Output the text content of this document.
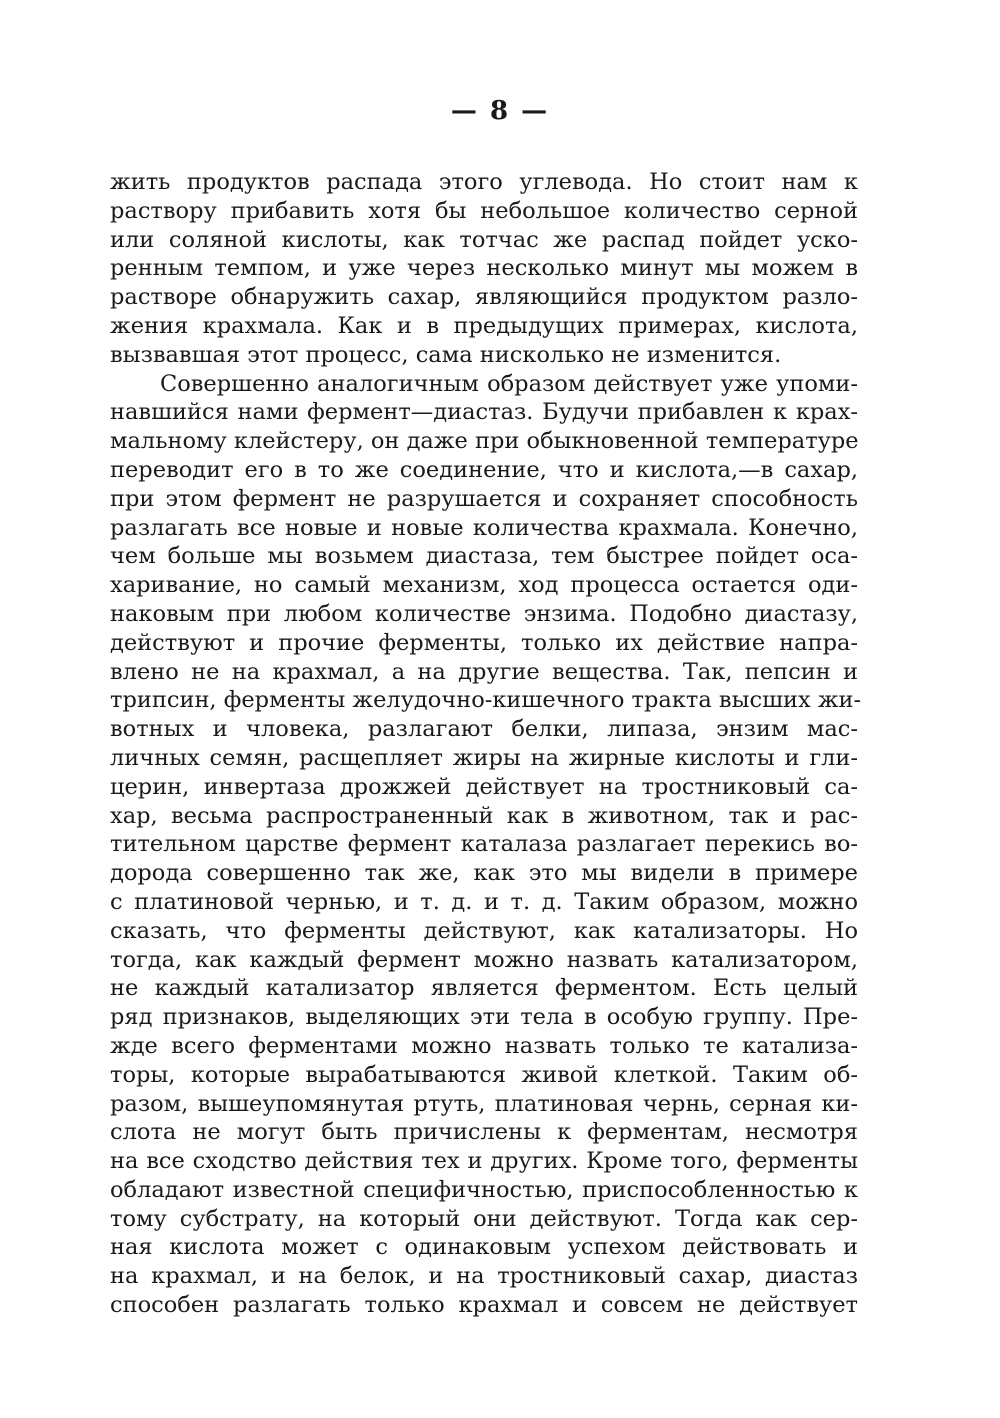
— 8 —
жить продуктов распада этого углевода. Но стоит нам к
раствору прибавить хотя бы небольшое количество серной
или соляной кислоты, как тотчас же распад пойдет уско-
ренным темпом, и уже через несколько минут мы можем в
растворе обнаружить сахар, являющийся продуктом разло-
жения крахмала. Как и в предыдущих примерах, кислота,
вызвавшая этот процесс, сама нисколько не изменится.
Совершенно аналогичным образом действует уже упоми-
навшийся нами фермент—диастаз. Будучи прибавлен к крах-
мальному клейстеру, он даже при обыкновенной температуре
переводит его в то же соединение, что и кислота,—в сахар,
при этом фермент не разрушается и сохраняет способность
разлагать все новые и новые количества крахмала. Конечно,
чем больше мы возьмем диастаза, тем быстрее пойдет оса-
харивание, но самый механизм, ход процесса остается оди-
наковым при любом количестве энзима. Подобно диастазу,
действуют и прочие ферменты, только их действие напра-
влено не на крахмал, а на другие вещества. Так, пепсин и
трипсин, ферменты желудочно-кишечного тракта высших жи-
вотных и чловека, разлагают белки, липаза, энзим мас-
личных семян, расщепляет жиры на жирные кислоты и гли-
церин, инвертаза дрожжей действует на тростниковый са-
хар, весьма распространенный как в животном, так и рас-
тительном царстве фермент каталаза разлагает перекись во-
дорода совершенно так же, как это мы видели в примере
с платиновой чернью, и т. д. и т. д. Таким образом, можно
сказать, что ферменты действуют, как катализаторы. Но
тогда, как каждый фермент можно назвать катализатором,
не каждый катализатор является ферментом. Есть целый
ряд признаков, выделяющих эти тела в особую группу. Пре-
жде всего ферментами можно назвать только те катализа-
торы, которые вырабатываются живой клеткой. Таким об-
разом, вышеупомянутая ртуть, платиновая чернь, серная ки-
слота не могут быть причислены к ферментам, несмотря
на все сходство действия тех и других. Кроме того, ферменты
обладают известной специфичностью, приспособленностью к
тому субстрату, на который они действуют. Тогда как сер-
ная кислота может с одинаковым успехом действовать и
на крахмал, и на белок, и на тростниковый сахар, диастаз
способен разлагать только крахмал и совсем не действует
